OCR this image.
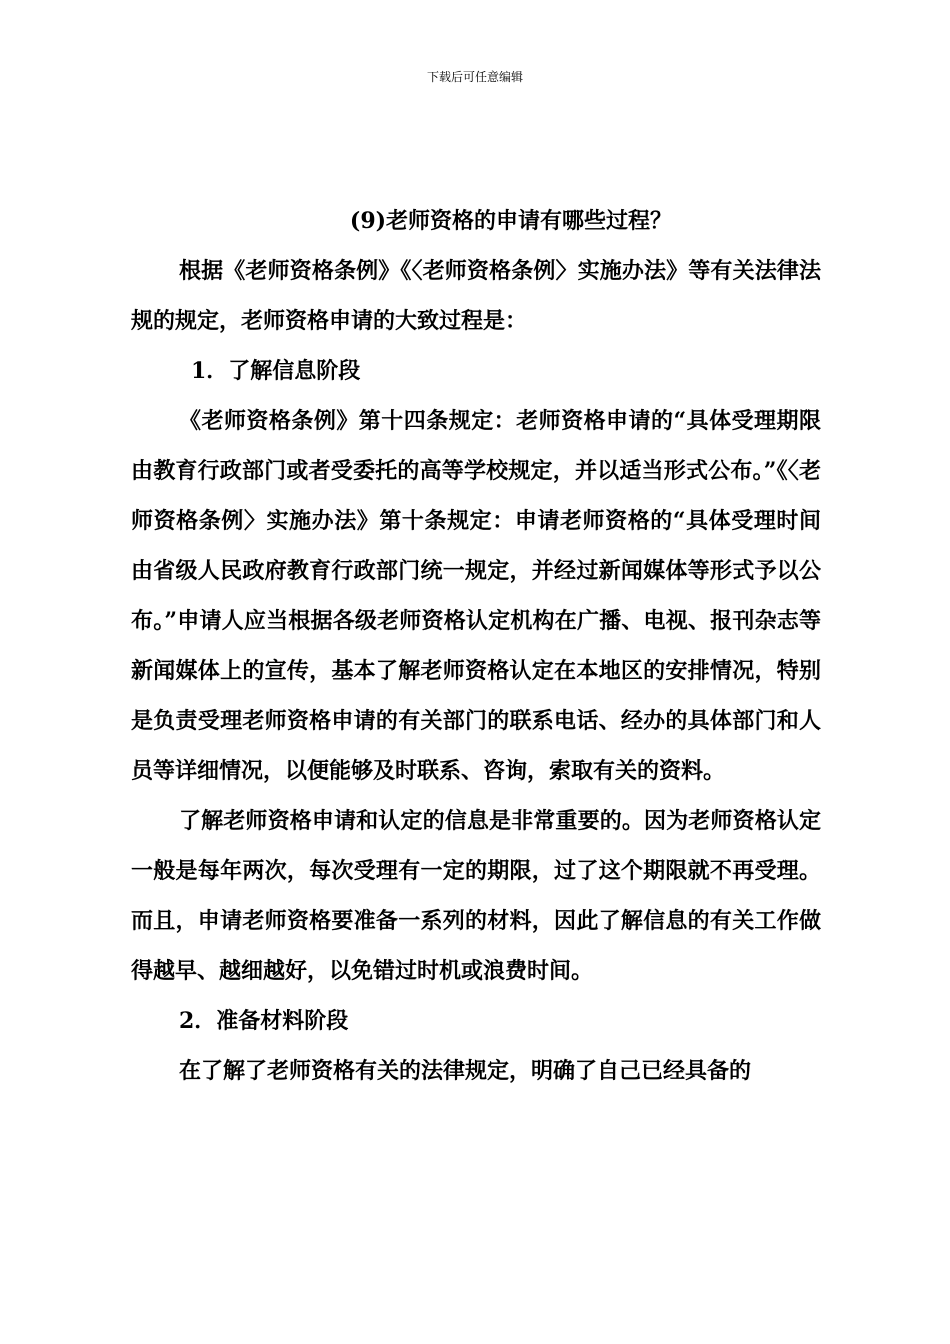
下载后可任意编辑

(9)老师资格的申请有哪些过程？

根据《老师资格条例》《〈老师资格条例〉实施办法》等有关法律法规的规定，老师资格申请的大致过程是：

1．了解信息阶段

《老师资格条例》第十四条规定：老师资格申请的“具体受理期限由教育行政部门或者受委托的高等学校规定，并以适当形式公布。”《〈老师资格条例〉实施办法》第十条规定：申请老师资格的“具体受理时间由省级人民政府教育行政部门统一规定，并经过新闻媒体等形式予以公布。”申请人应当根据各级老师资格认定机构在广播、电视、报刊杂志等新闻媒体上的宣传，基本了解老师资格认定在本地区的安排情况，特别是负责受理老师资格申请的有关部门的联系电话、经办的具体部门和人员等详细情况，以便能够及时联系、咨询，索取有关的资料。

了解老师资格申请和认定的信息是非常重要的。因为老师资格认定一般是每年两次，每次受理有一定的期限，过了这个期限就不再受理。而且，申请老师资格要准备一系列的材料，因此了解信息的有关工作做得越早、越细越好，以免错过时机或浪费时间。

2．准备材料阶段

在了解了老师资格有关的法律规定，明确了自己已经具备的
